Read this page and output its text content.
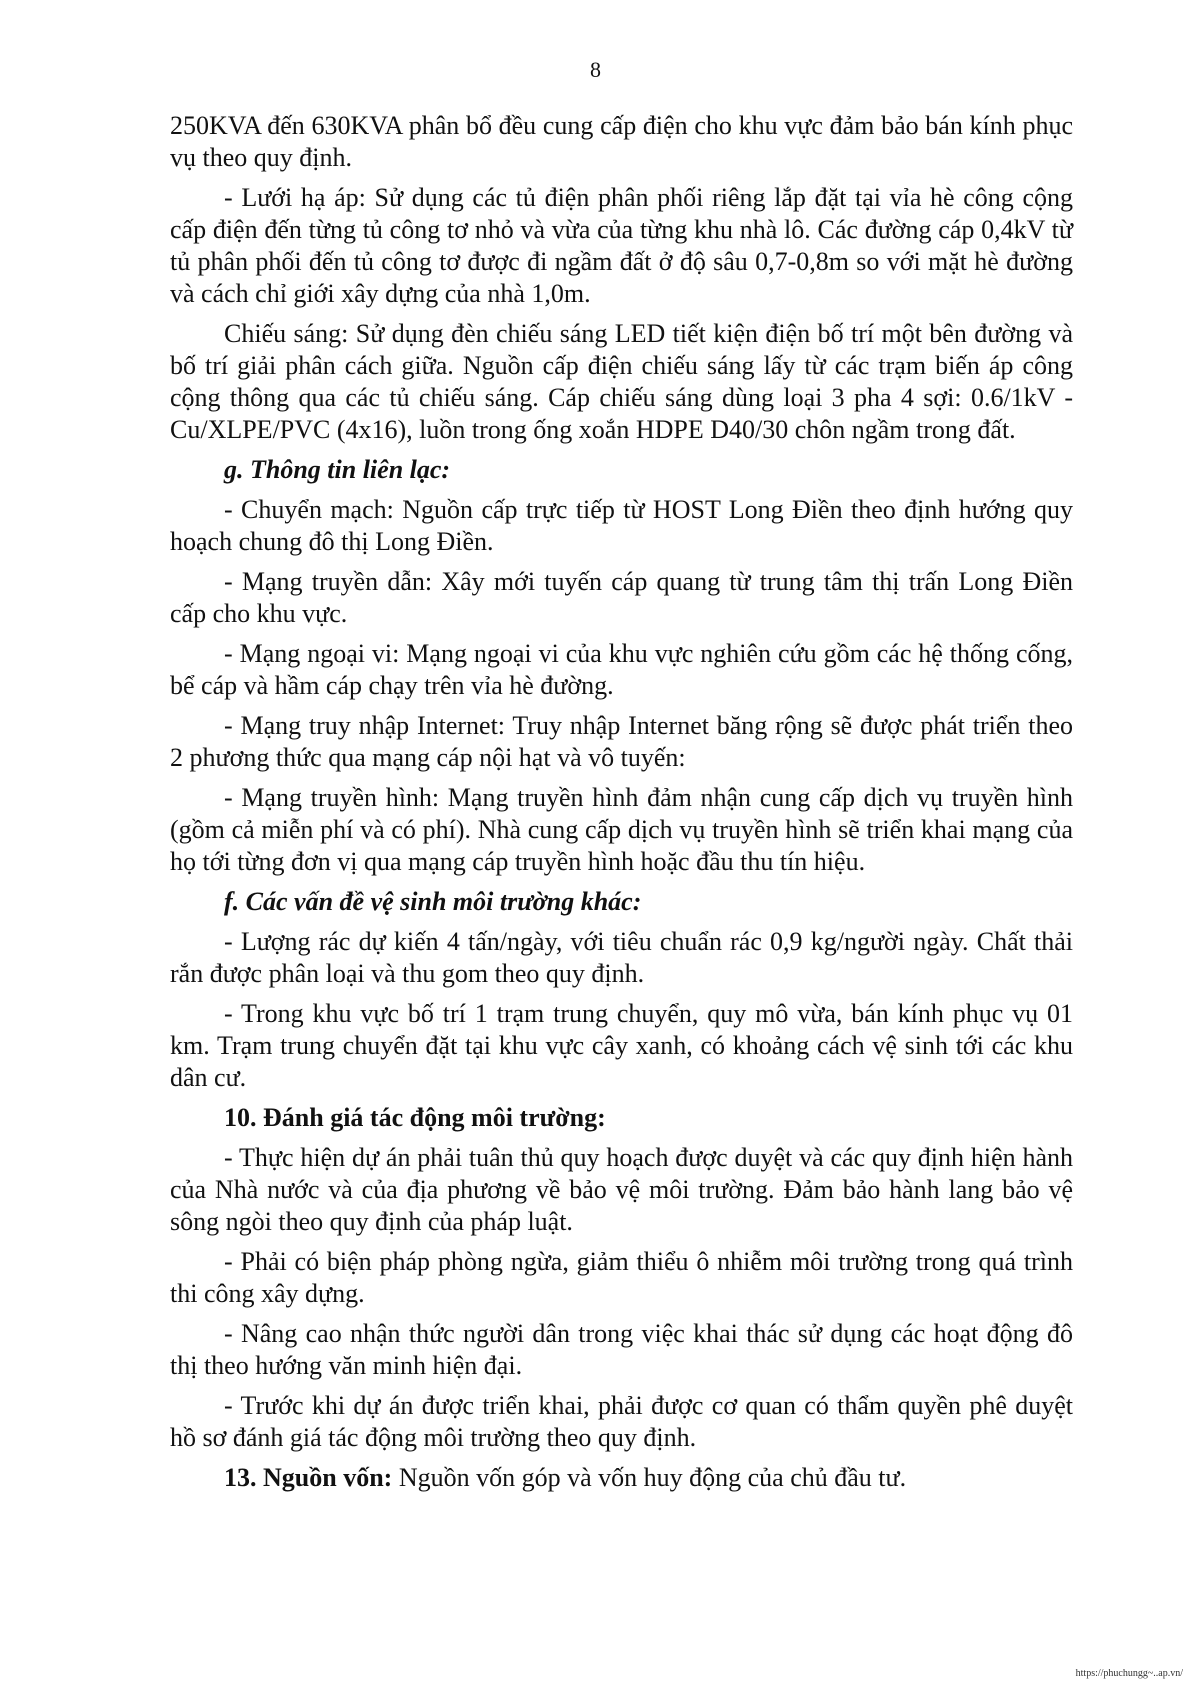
8

250KVA đến 630KVA phân bổ đều cung cấp điện cho khu vực đảm bảo bán kính phục vụ theo quy định.

- Lưới hạ áp: Sử dụng các tủ điện phân phối riêng lắp đặt tại vỉa hè công cộng cấp điện đến từng tủ công tơ nhỏ và vừa của từng khu nhà lô. Các đường cáp 0,4kV từ tủ phân phối đến tủ công tơ được đi ngầm đất ở độ sâu 0,7-0,8m so với mặt hè đường và cách chỉ giới xây dựng của nhà 1,0m.

Chiếu sáng: Sử dụng đèn chiếu sáng LED tiết kiện điện bố trí một bên đường và bố trí giải phân cách giữa. Nguồn cấp điện chiếu sáng lấy từ các trạm biến áp công cộng thông qua các tủ chiếu sáng. Cáp chiếu sáng dùng loại 3 pha 4 sợi: 0.6/1kV - Cu/XLPE/PVC (4x16), luồn trong ống xoắn HDPE D40/30 chôn ngầm trong đất.

g. Thông tin liên lạc:

- Chuyển mạch: Nguồn cấp trực tiếp từ HOST Long Điền theo định hướng quy hoạch chung đô thị Long Điền.

- Mạng truyền dẫn: Xây mới tuyến cáp quang từ trung tâm thị trấn Long Điền cấp cho khu vực.

- Mạng ngoại vi: Mạng ngoại vi của khu vực nghiên cứu gồm các hệ thống cống, bể cáp và hầm cáp chạy trên vỉa hè đường.

- Mạng truy nhập Internet: Truy nhập Internet băng rộng sẽ được phát triển theo 2 phương thức qua mạng cáp nội hạt và vô tuyến:

- Mạng truyền hình: Mạng truyền hình đảm nhận cung cấp dịch vụ truyền hình (gồm cả miễn phí và có phí). Nhà cung cấp dịch vụ truyền hình sẽ triển khai mạng của họ tới từng đơn vị qua mạng cáp truyền hình hoặc đầu thu tín hiệu.

f. Các vấn đề vệ sinh môi trường khác:

- Lượng rác dự kiến 4 tấn/ngày, với tiêu chuẩn rác 0,9 kg/người ngày. Chất thải rắn được phân loại và thu gom theo quy định.

- Trong khu vực bố trí 1 trạm trung chuyển, quy mô vừa, bán kính phục vụ 01 km. Trạm trung chuyển đặt tại khu vực cây xanh, có khoảng cách vệ sinh tới các khu dân cư.

10. Đánh giá tác động môi trường:

- Thực hiện dự án phải tuân thủ quy hoạch được duyệt và các quy định hiện hành của Nhà nước và của địa phương về bảo vệ môi trường. Đảm bảo hành lang bảo vệ sông ngòi theo quy định của pháp luật.

- Phải có biện pháp phòng ngừa, giảm thiểu ô nhiễm môi trường trong quá trình thi công xây dựng.

- Nâng cao nhận thức người dân trong việc khai thác sử dụng các hoạt động đô thị theo hướng văn minh hiện đại.

- Trước khi dự án được triển khai, phải được cơ quan có thẩm quyền phê duyệt hồ sơ đánh giá tác động môi trường theo quy định.

13. Nguồn vốn: Nguồn vốn góp và vốn huy động của chủ đầu tư.

https://phuchungg~..ap.vn/
